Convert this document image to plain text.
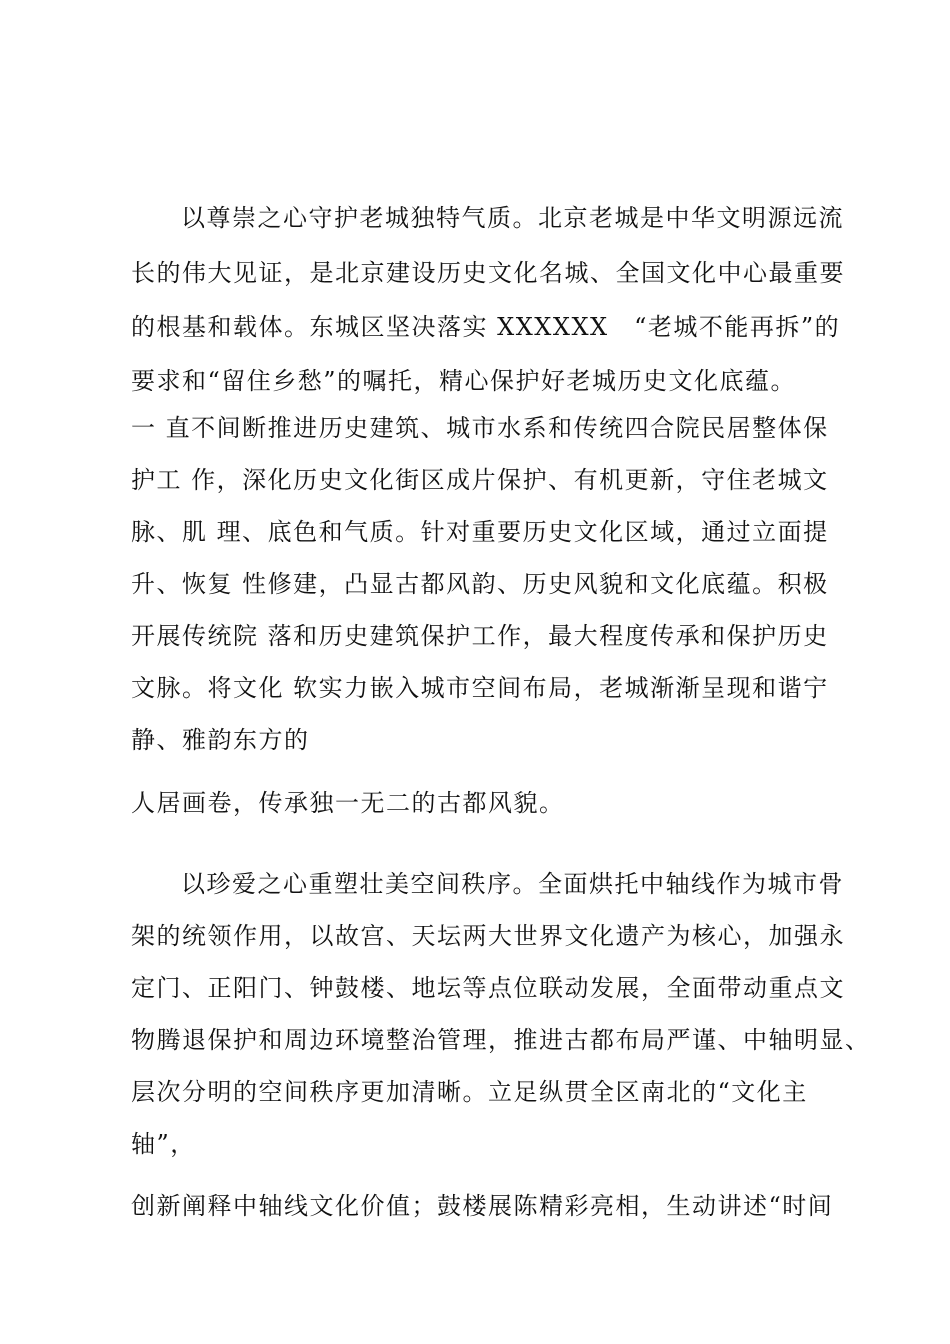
以尊崇之心守护老城独特气质。北京老城是中华文明源远流
长的伟大见证，是北京建设历史文化名城、全国文化中心最重要
的根基和载体。东城区坚决落实 XXXXXX　“老城不能再拆”的
要求和“留住乡愁”的嘱托，精心保护好老城历史文化底蕴。
一 直不间断推进历史建筑、城市水系和传统四合院民居整体保
护工 作，深化历史文化街区成片保护、有机更新，守住老城文
脉、肌 理、底色和气质。针对重要历史文化区域，通过立面提
升、恢复 性修建，凸显古都风韵、历史风貌和文化底蕴。积极
开展传统院 落和历史建筑保护工作，最大程度传承和保护历史
文脉。将文化 软实力嵌入城市空间布局，老城渐渐呈现和谐宁
静、雅韵东方的
人居画卷，传承独一无二的古都风貌。
以珍爱之心重塑壮美空间秩序。全面烘托中轴线作为城市骨
架的统领作用，以故宫、天坛两大世界文化遗产为核心，加强永
定门、正阳门、钟鼓楼、地坛等点位联动发展，全面带动重点文
物腾退保护和周边环境整治管理，推进古都布局严谨、中轴明显、
层次分明的空间秩序更加清晰。立足纵贯全区南北的“文化主
轴”，
创新阐释中轴线文化价值；鼓楼展陈精彩亮相，生动讲述“时间
